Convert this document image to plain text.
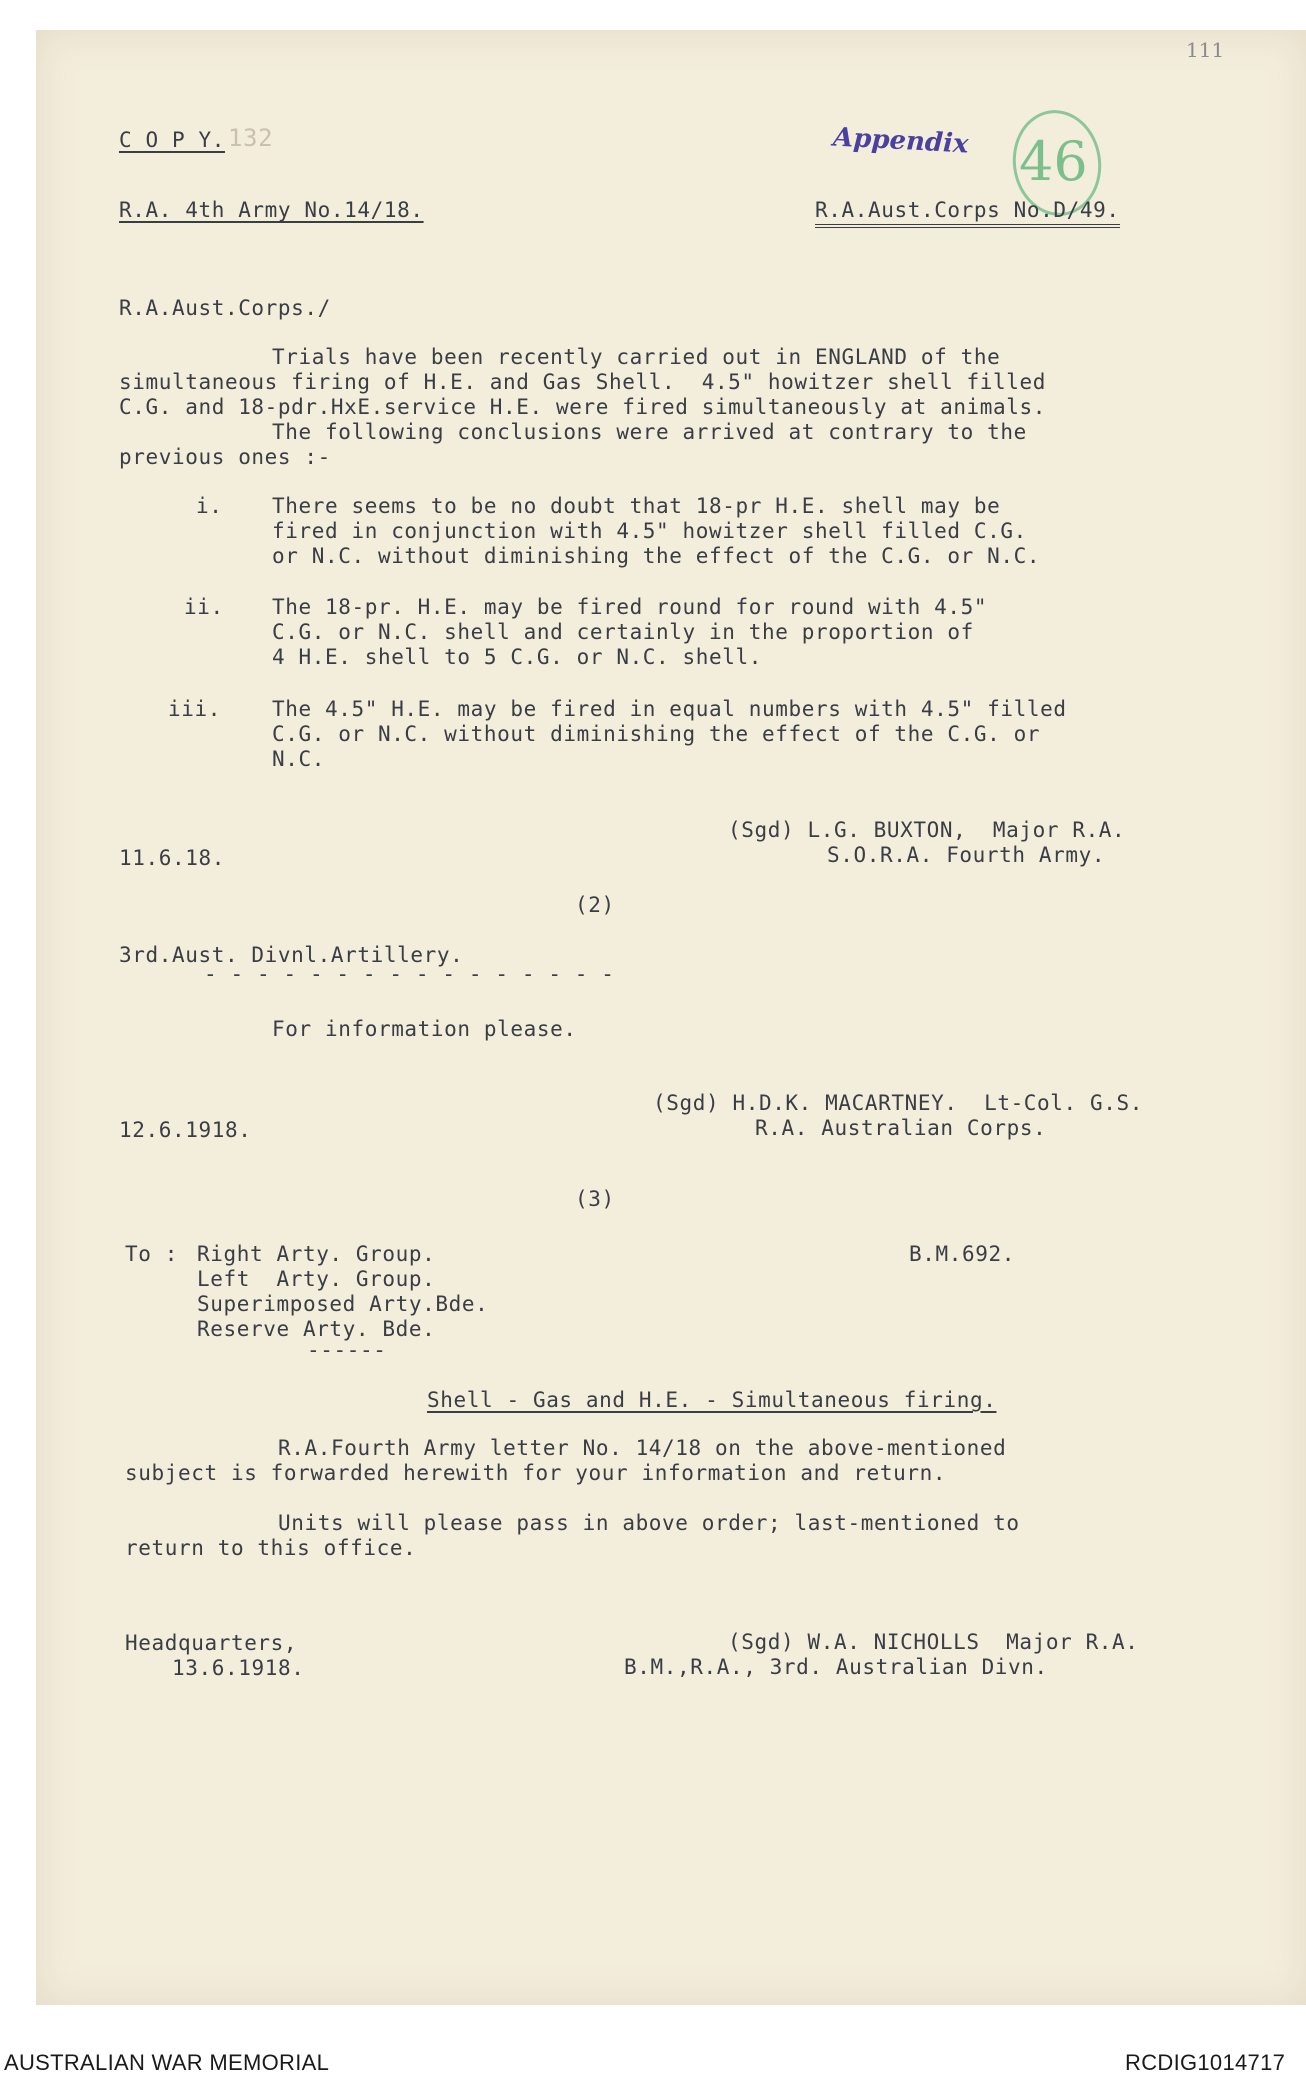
111
C O P Y. 132	Appendix 46
R.A. 4th Army No.14/18.	R.A.Aust.Corps No.D/49.
R.A.Aust.Corps./
Trials have been recently carried out in ENGLAND of the
simultaneous firing of H.E. and Gas Shell.  4.5" howitzer shell filled
C.G. and 18-pdr.HxE.service H.E. were fired simultaneously at animals.
The following conclusions were arrived at contrary to the
previous ones :-
i. There seems to be no doubt that 18-pr H.E. shell may be
fired in conjunction with 4.5" howitzer shell filled C.G.
or N.C. without diminishing the effect of the C.G. or N.C.
ii. The 18-pr. H.E. may be fired round for round with 4.5"
C.G. or N.C. shell and certainly in the proportion of
4 H.E. shell to 5 C.G. or N.C. shell.
iii. The 4.5" H.E. may be fired in equal numbers with 4.5" filled
C.G. or N.C. without diminishing the effect of the C.G. or
N.C.
(Sgd) L.G. BUXTON,  Major R.A.
S.O.R.A. Fourth Army.
11.6.18.
(2)
3rd.Aust. Divnl.Artillery.
- - - - - - - - - - - - - - - -
For information please.
(Sgd) H.D.K. MACARTNEY.  Lt-Col. G.S.
R.A. Australian Corps.
12.6.1918.
(3)
To : Right Arty. Group.
Left  Arty. Group.
Superimposed Arty.Bde.
Reserve Arty. Bde.
------
B.M.692.
Shell - Gas and H.E. - Simultaneous firing.
R.A.Fourth Army letter No. 14/18 on the above-mentioned
subject is forwarded herewith for your information and return.
Units will please pass in above order; last-mentioned to
return to this office.
Headquarters,
13.6.1918.
(Sgd) W.A. NICHOLLS  Major R.A.
B.M.,R.A., 3rd. Australian Divn.
AUSTRALIAN WAR MEMORIAL	RCDIG1014717
